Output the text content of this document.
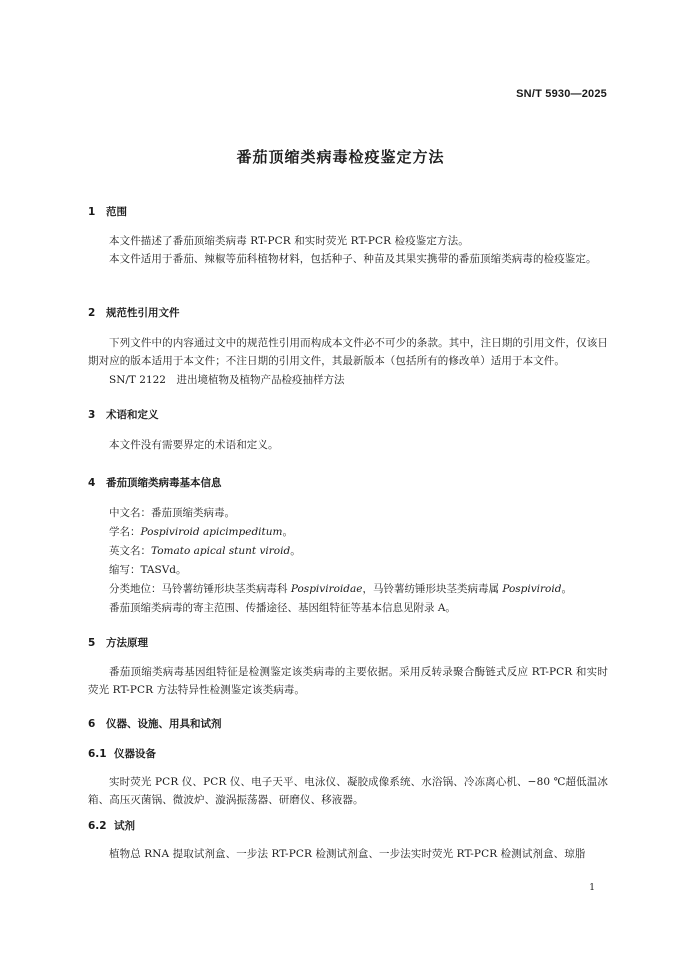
SN/T 5930—2025
番茄顶缩类病毒检疫鉴定方法
1 范围
本文件描述了番茄顶缩类病毒 RT-PCR 和实时荧光 RT-PCR 检疫鉴定方法。
本文件适用于番茄、辣椒等茄科植物材料，包括种子、种苗及其果实携带的番茄顶缩类病毒的检疫鉴定。
2 规范性引用文件
下列文件中的内容通过文中的规范性引用而构成本文件必不可少的条款。其中，注日期的引用文件，仅该日期对应的版本适用于本文件；不注日期的引用文件，其最新版本（包括所有的修改单）适用于本文件。
SN/T 2122　进出境植物及植物产品检疫抽样方法
3 术语和定义
本文件没有需要界定的术语和定义。
4 番茄顶缩类病毒基本信息
中文名：番茄顶缩类病毒。
学名：Pospiviroid apicimpeditum。
英文名：Tomato apical stunt viroid。
缩写：TASVd。
分类地位：马铃薯纺锤形块茎类病毒科 Pospiviroidae，马铃薯纺锤形块茎类病毒属 Pospiviroid。
番茄顶缩类病毒的寄主范围、传播途径、基因组特征等基本信息见附录 A。
5 方法原理
番茄顶缩类病毒基因组特征是检测鉴定该类病毒的主要依据。采用反转录聚合酶链式反应 RT-PCR 和实时荧光 RT-PCR 方法特异性检测鉴定该类病毒。
6 仪器、设施、用具和试剂
6.1 仪器设备
实时荧光 PCR 仪、PCR 仪、电子天平、电泳仪、凝胶成像系统、水浴锅、冷冻离心机、−80 ℃超低温冰箱、高压灭菌锅、微波炉、漩涡振荡器、研磨仪、移液器。
6.2 试剂
植物总 RNA 提取试剂盒、一步法 RT-PCR 检测试剂盒、一步法实时荧光 RT-PCR 检测试剂盒、琼脂
1
